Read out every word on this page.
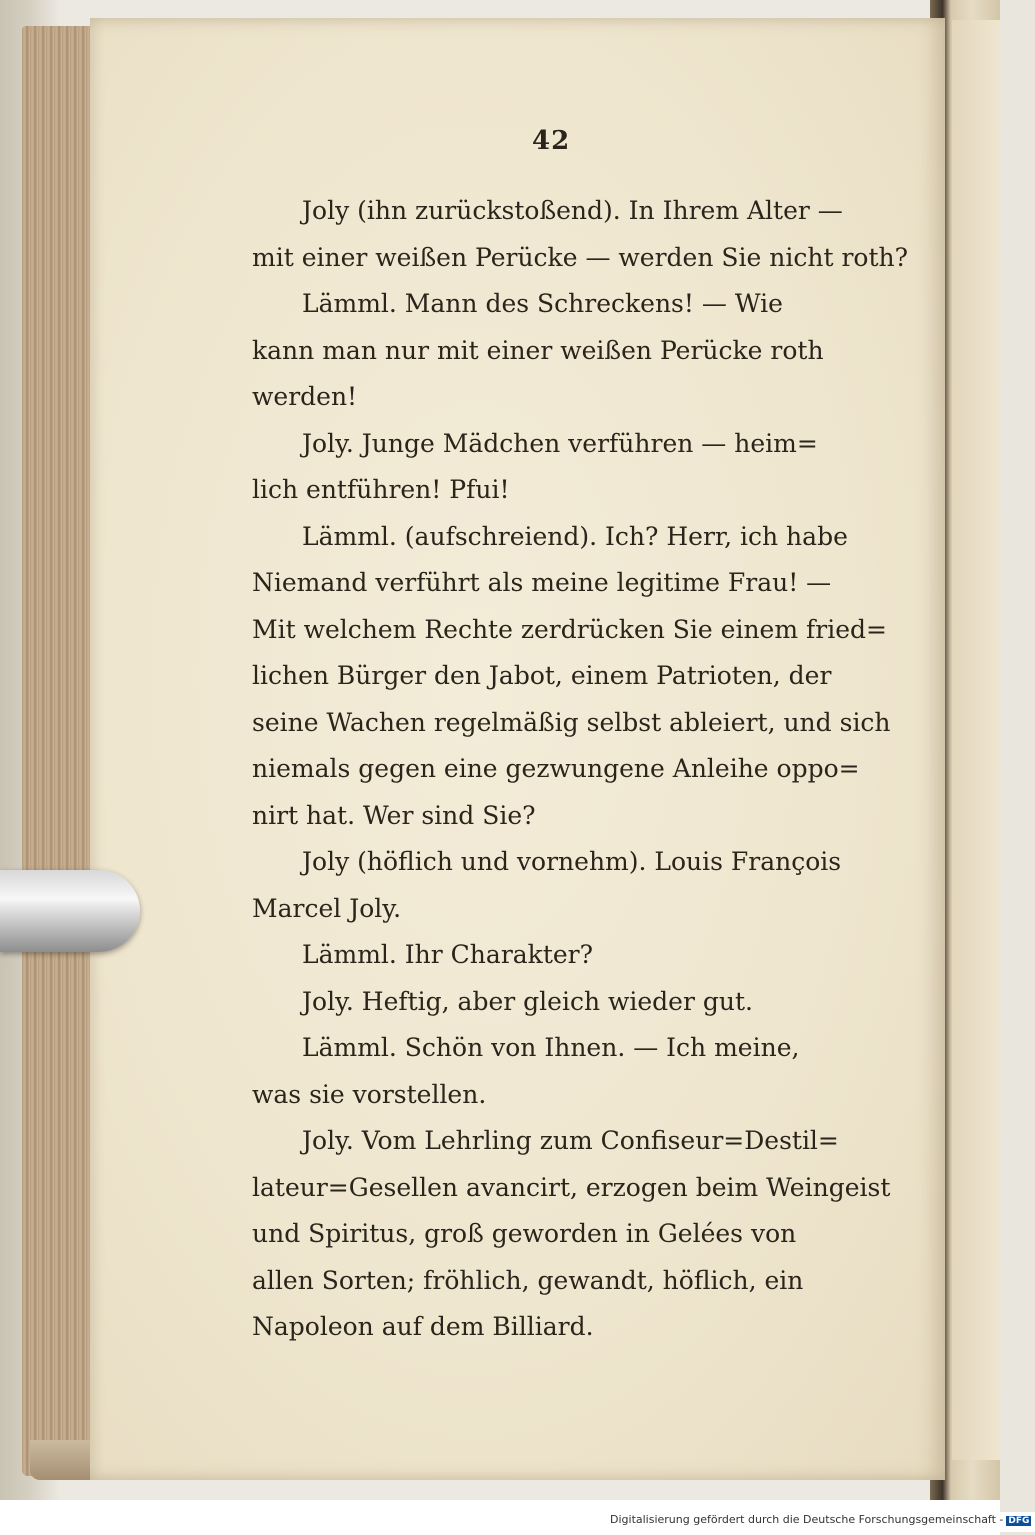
42
Joly (ihn zurückstoßend). In Ihrem Alter —
mit einer weißen Perücke — werden Sie nicht roth?
Lämml. Mann des Schreckens! — Wie
kann man nur mit einer weißen Perücke roth
werden!
Joly. Junge Mädchen verführen — heim=
lich entführen! Pfui!
Lämml. (aufschreiend). Ich? Herr, ich habe
Niemand verführt als meine legitime Frau! —
Mit welchem Rechte zerdrücken Sie einem fried=
lichen Bürger den Jabot, einem Patrioten, der
seine Wachen regelmäßig selbst ableiert, und sich
niemals gegen eine gezwungene Anleihe oppo=
nirt hat. Wer sind Sie?
Joly (höflich und vornehm). Louis François
Marcel Joly.
Lämml. Ihr Charakter?
Joly. Heftig, aber gleich wieder gut.
Lämml. Schön von Ihnen. — Ich meine,
was sie vorstellen.
Joly. Vom Lehrling zum Confiseur=Destil=
lateur=Gesellen avancirt, erzogen beim Weingeist
und Spiritus, groß geworden in Gelées von
allen Sorten; fröhlich, gewandt, höflich, ein
Napoleon auf dem Billiard.
Digitalisierung gefördert durch die Deutsche Forschungsgemeinschaft - DFG
